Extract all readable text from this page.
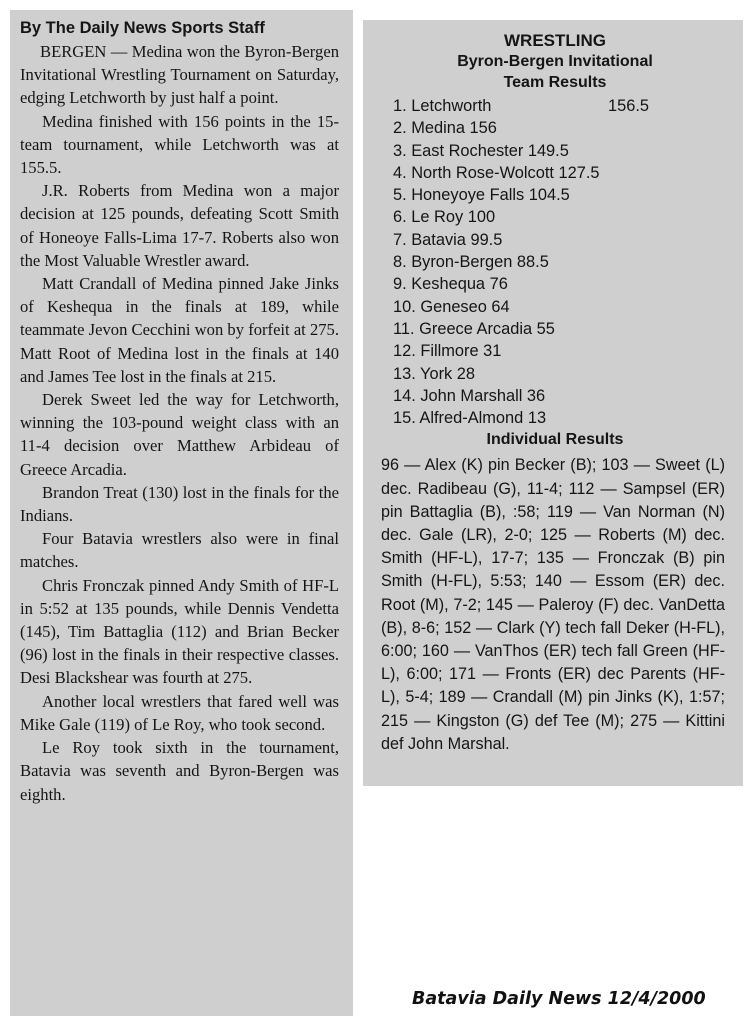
By The Daily News Sports Staff

BERGEN — Medina won the Byron-Bergen Invitational Wrestling Tournament on Saturday, edging Letchworth by just half a point.

Medina finished with 156 points in the 15-team tournament, while Letchworth was at 155.5.

J.R. Roberts from Medina won a major decision at 125 pounds, defeating Scott Smith of Honeoye Falls-Lima 17-7. Roberts also won the Most Valuable Wrestler award.

Matt Crandall of Medina pinned Jake Jinks of Keshequa in the finals at 189, while teammate Jevon Cecchini won by forfeit at 275. Matt Root of Medina lost in the finals at 140 and James Tee lost in the finals at 215.

Derek Sweet led the way for Letchworth, winning the 103-pound weight class with an 11-4 decision over Matthew Arbideau of Greece Arcadia.

Brandon Treat (130) lost in the finals for the Indians.

Four Batavia wrestlers also were in final matches.

Chris Fronczak pinned Andy Smith of HF-L in 5:52 at 135 pounds, while Dennis Vendetta (145), Tim Battaglia (112) and Brian Becker (96) lost in the finals in their respective classes. Desi Blackshear was fourth at 275.

Another local wrestlers that fared well was Mike Gale (119) of Le Roy, who took second.

Le Roy took sixth in the tournament, Batavia was seventh and Byron-Bergen was eighth.

WRESTLING
Byron-Bergen Invitational
Team Results
1. Letchworth	156.5
2. Medina 156
3. East Rochester 149.5
4. North Rose-Wolcott 127.5
5. Honeyoye Falls 104.5
6. Le Roy 100
7. Batavia 99.5
8. Byron-Bergen 88.5
9. Keshequa 76
10. Geneseo 64
11. Greece Arcadia 55
12. Fillmore 31
13. York 28
14. John Marshall 36
15. Alfred-Almond 13
Individual Results

96 — Alex (K) pin Becker (B); 103 — Sweet (L) dec. Radibeau (G), 11-4; 112 — Sampsel (ER) pin Battaglia (B), :58; 119 — Van Norman (N) dec. Gale (LR), 2-0; 125 — Roberts (M) dec. Smith (HF-L), 17-7; 135 — Fronczak (B) pin Smith (H-FL), 5:53; 140 — Essom (ER) dec. Root (M), 7-2; 145 — Paleroy (F) dec. VanDetta (B), 8-6; 152 — Clark (Y) tech fall Deker (H-FL), 6:00; 160 — VanThos (ER) tech fall Green (HF-L), 6:00; 171 — Fronts (ER) dec Parents (HF-L), 5-4; 189 — Crandall (M) pin Jinks (K), 1:57; 215 — Kingston (G) def Tee (M); 275 — Kittini def John Marshal.

Batavia Daily News 12/4/2000
